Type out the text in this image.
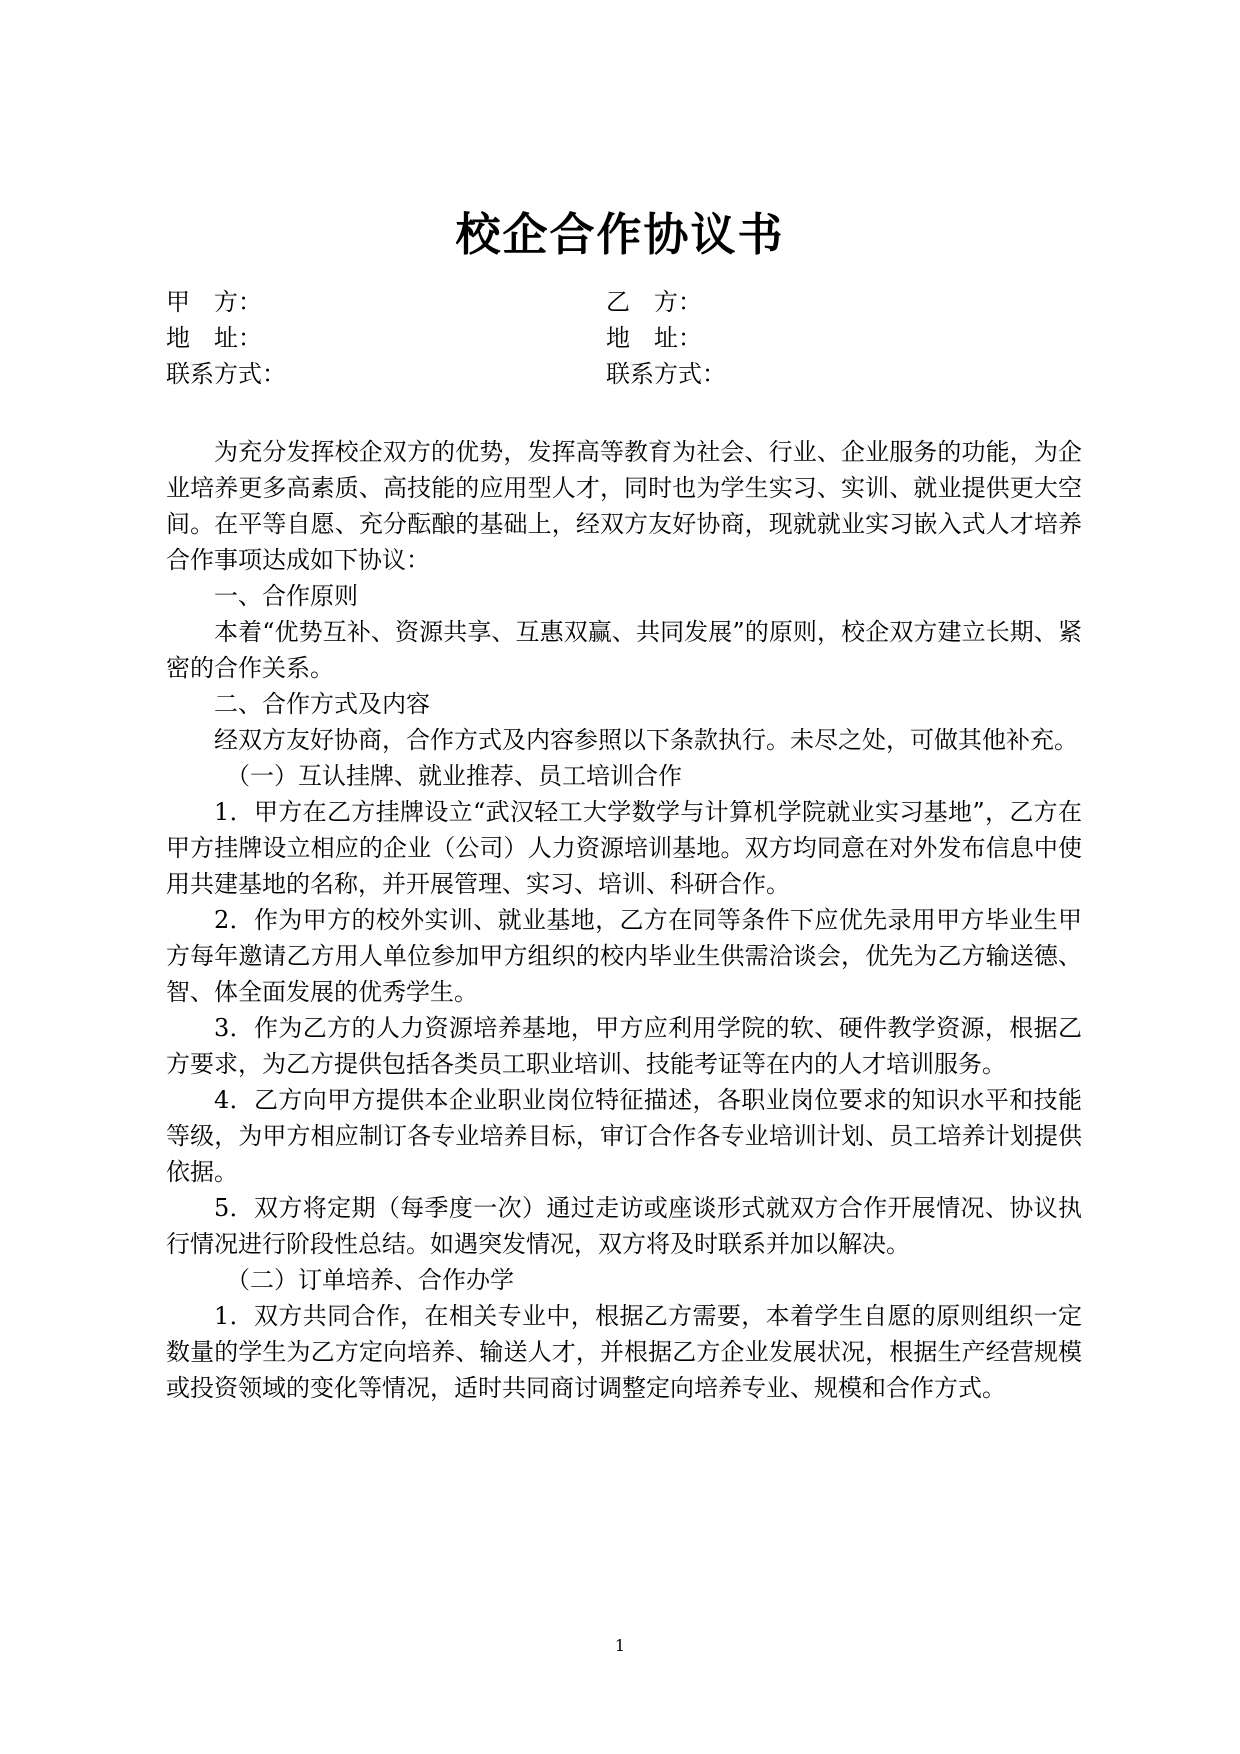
校企合作协议书
甲　方：	乙　方：
地　址：	地　址：
联系方式：	联系方式：

为充分发挥校企双方的优势，发挥高等教育为社会、行业、企业服务的功能，为企业培养更多高素质、高技能的应用型人才，同时也为学生实习、实训、就业提供更大空间。在平等自愿、充分酝酿的基础上，经双方友好协商，现就就业实习嵌入式人才培养合作事项达成如下协议：

一、合作原则

本着“优势互补、资源共享、互惠双赢、共同发展”的原则，校企双方建立长期、紧密的合作关系。

二、合作方式及内容

经双方友好协商，合作方式及内容参照以下条款执行。未尽之处，可做其他补充。

（一）互认挂牌、就业推荐、员工培训合作

1．甲方在乙方挂牌设立“武汉轻工大学数学与计算机学院就业实习基地”，乙方在甲方挂牌设立相应的企业（公司）人力资源培训基地。双方均同意在对外发布信息中使用共建基地的名称，并开展管理、实习、培训、科研合作。

2．作为甲方的校外实训、就业基地，乙方在同等条件下应优先录用甲方毕业生甲方每年邀请乙方用人单位参加甲方组织的校内毕业生供需洽谈会，优先为乙方输送德、智、体全面发展的优秀学生。

3．作为乙方的人力资源培养基地，甲方应利用学院的软、硬件教学资源，根据乙方要求，为乙方提供包括各类员工职业培训、技能考证等在内的人才培训服务。

4．乙方向甲方提供本企业职业岗位特征描述，各职业岗位要求的知识水平和技能等级，为甲方相应制订各专业培养目标，审订合作各专业培训计划、员工培养计划提供依据。

5．双方将定期（每季度一次）通过走访或座谈形式就双方合作开展情况、协议执行情况进行阶段性总结。如遇突发情况，双方将及时联系并加以解决。

（二）订单培养、合作办学

1．双方共同合作，在相关专业中，根据乙方需要，本着学生自愿的原则组织一定数量的学生为乙方定向培养、输送人才，并根据乙方企业发展状况，根据生产经营规模或投资领域的变化等情况，适时共同商讨调整定向培养专业、规模和合作方式。

1
